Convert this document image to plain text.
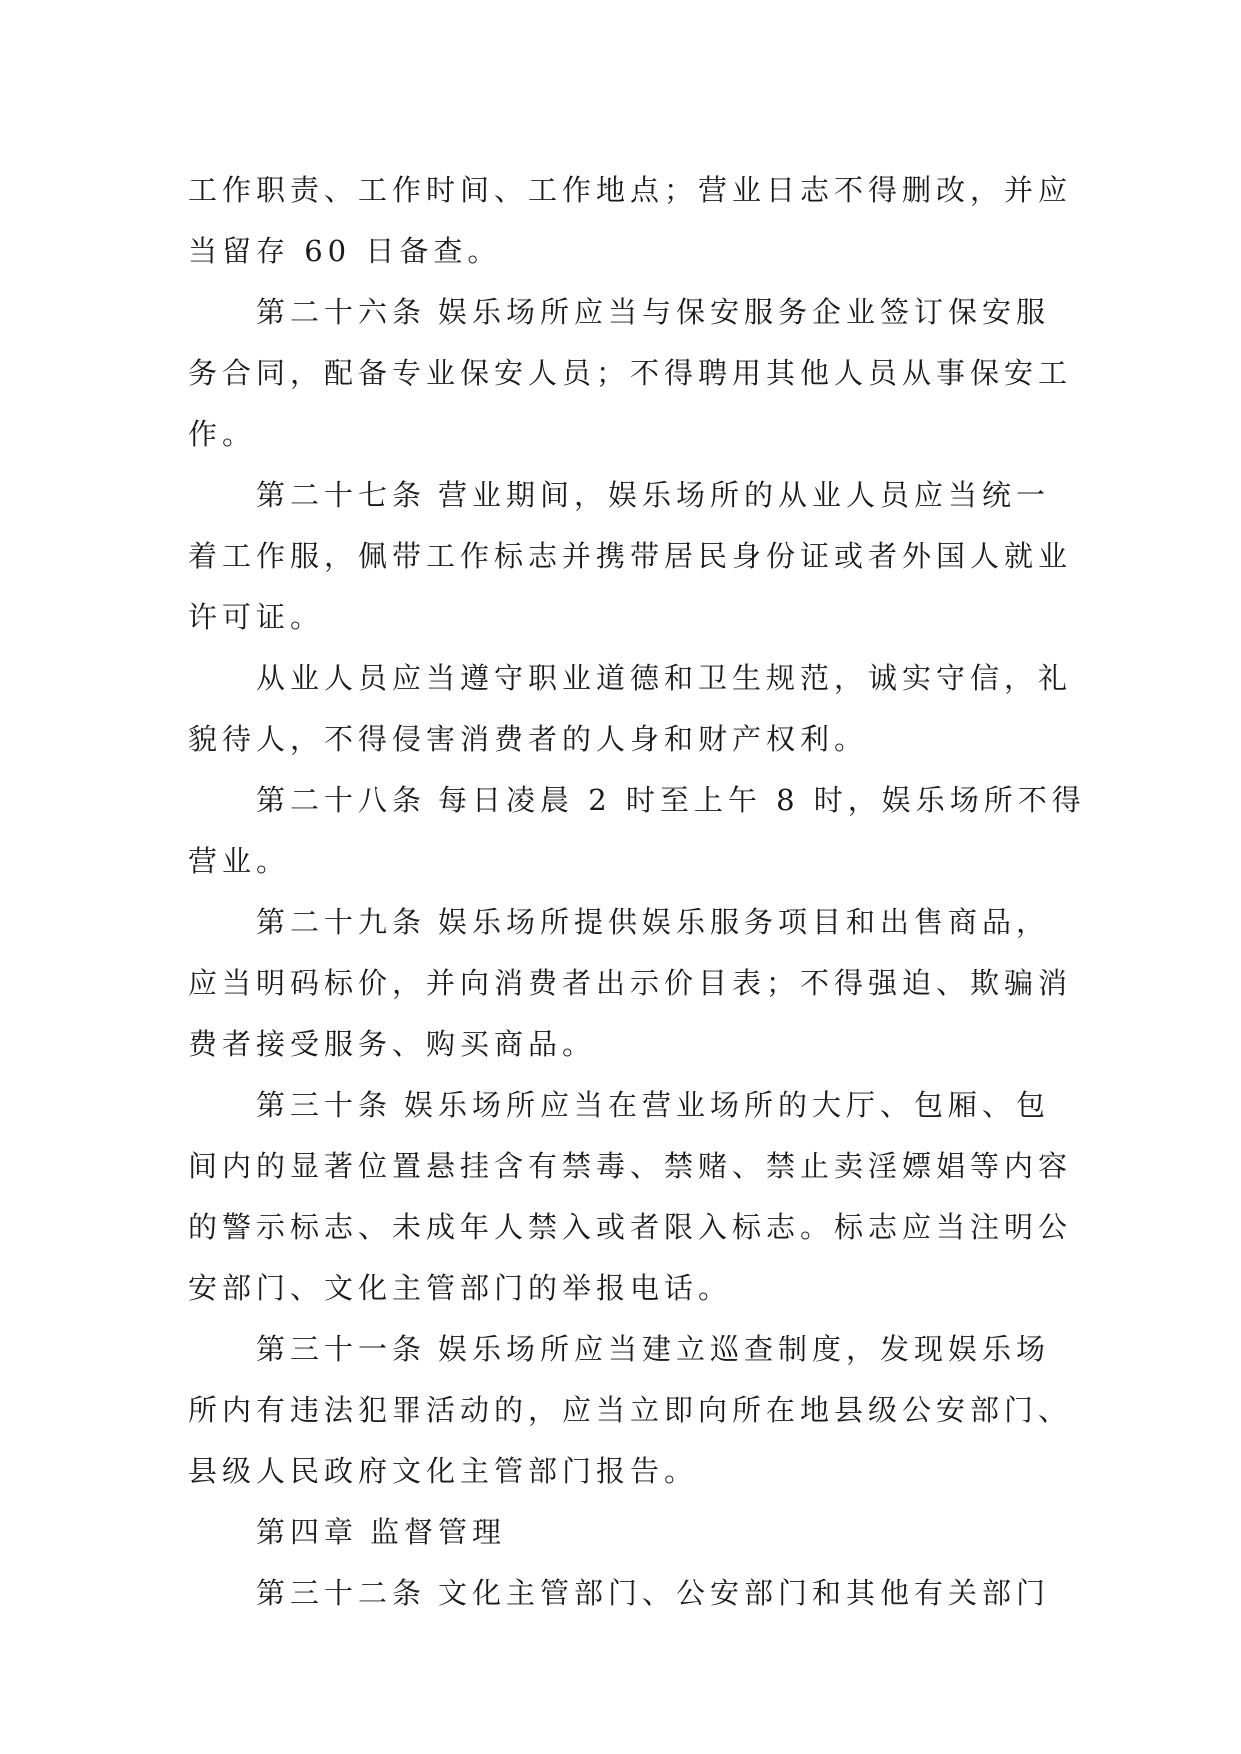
工作职责、工作时间、工作地点；营业日志不得删改，并应
当留存 60 日备查。
第二十六条 娱乐场所应当与保安服务企业签订保安服
务合同，配备专业保安人员；不得聘用其他人员从事保安工
作。
第二十七条 营业期间，娱乐场所的从业人员应当统一
着工作服，佩带工作标志并携带居民身份证或者外国人就业
许可证。
从业人员应当遵守职业道德和卫生规范，诚实守信，礼
貌待人，不得侵害消费者的人身和财产权利。
第二十八条 每日凌晨 2 时至上午 8 时，娱乐场所不得
营业。
第二十九条 娱乐场所提供娱乐服务项目和出售商品，
应当明码标价，并向消费者出示价目表；不得强迫、欺骗消
费者接受服务、购买商品。
第三十条 娱乐场所应当在营业场所的大厅、包厢、包
间内的显著位置悬挂含有禁毒、禁赌、禁止卖淫嫖娼等内容
的警示标志、未成年人禁入或者限入标志。标志应当注明公
安部门、文化主管部门的举报电话。
第三十一条 娱乐场所应当建立巡查制度，发现娱乐场
所内有违法犯罪活动的，应当立即向所在地县级公安部门、
县级人民政府文化主管部门报告。
第四章 监督管理
第三十二条 文化主管部门、公安部门和其他有关部门
